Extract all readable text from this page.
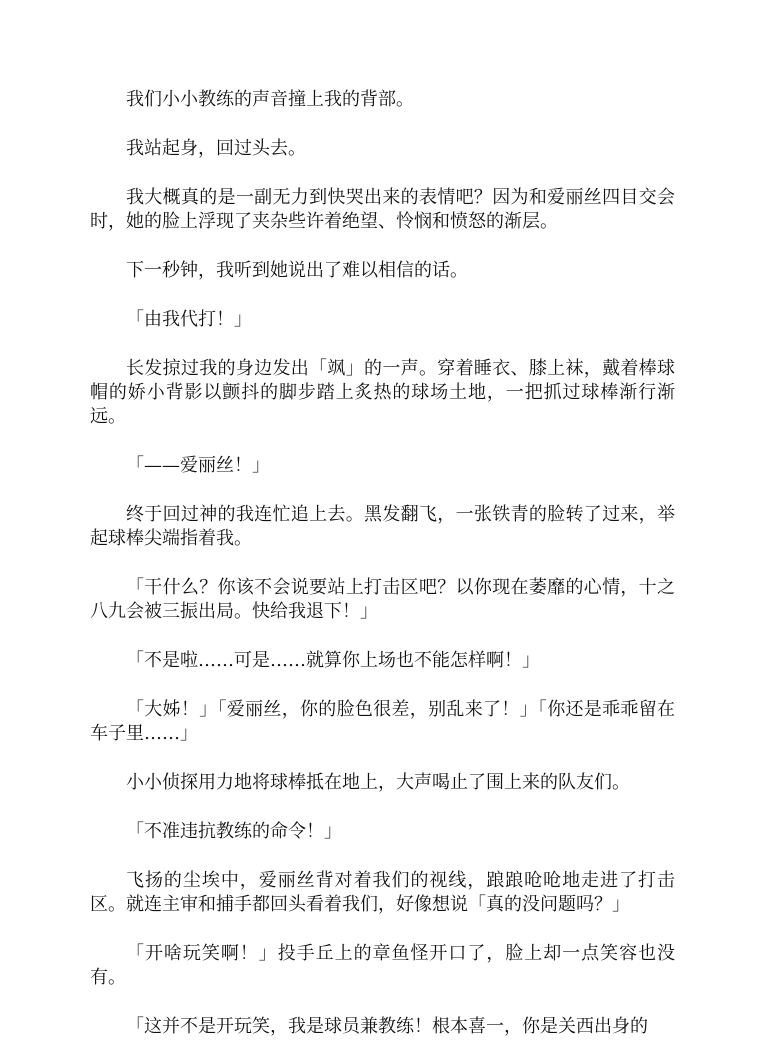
我们小小教练的声音撞上我的背部。

我站起身，回过头去。

我大概真的是一副无力到快哭出来的表情吧？因为和爱丽丝四目交会时，她的脸上浮现了夹杂些许着绝望、怜悯和愤怒的渐层。

下一秒钟，我听到她说出了难以相信的话。

「由我代打！」

长发掠过我的身边发出「飒」的一声。穿着睡衣、膝上袜，戴着棒球帽的娇小背影以颤抖的脚步踏上炙热的球场土地，一把抓过球棒渐行渐远。

「——爱丽丝！」

终于回过神的我连忙追上去。黑发翻飞，一张铁青的脸转了过来，举起球棒尖端指着我。

「干什么？你该不会说要站上打击区吧？以你现在萎靡的心情，十之八九会被三振出局。快给我退下！」

「不是啦……可是……就算你上场也不能怎样啊！」

「大姊！」「爱丽丝，你的脸色很差，别乱来了！」「你还是乖乖留在车子里……」

小小侦探用力地将球棒抵在地上，大声喝止了围上来的队友们。

「不准违抗教练的命令！」

飞扬的尘埃中，爱丽丝背对着我们的视线，踉踉呛呛地走进了打击区。就连主审和捕手都回头看着我们，好像想说「真的没问题吗？」

「开啥玩笑啊！」投手丘上的章鱼怪开口了，脸上却一点笑容也没有。

「这并不是开玩笑，我是球员兼教练！根本喜一，你是关西出身的
